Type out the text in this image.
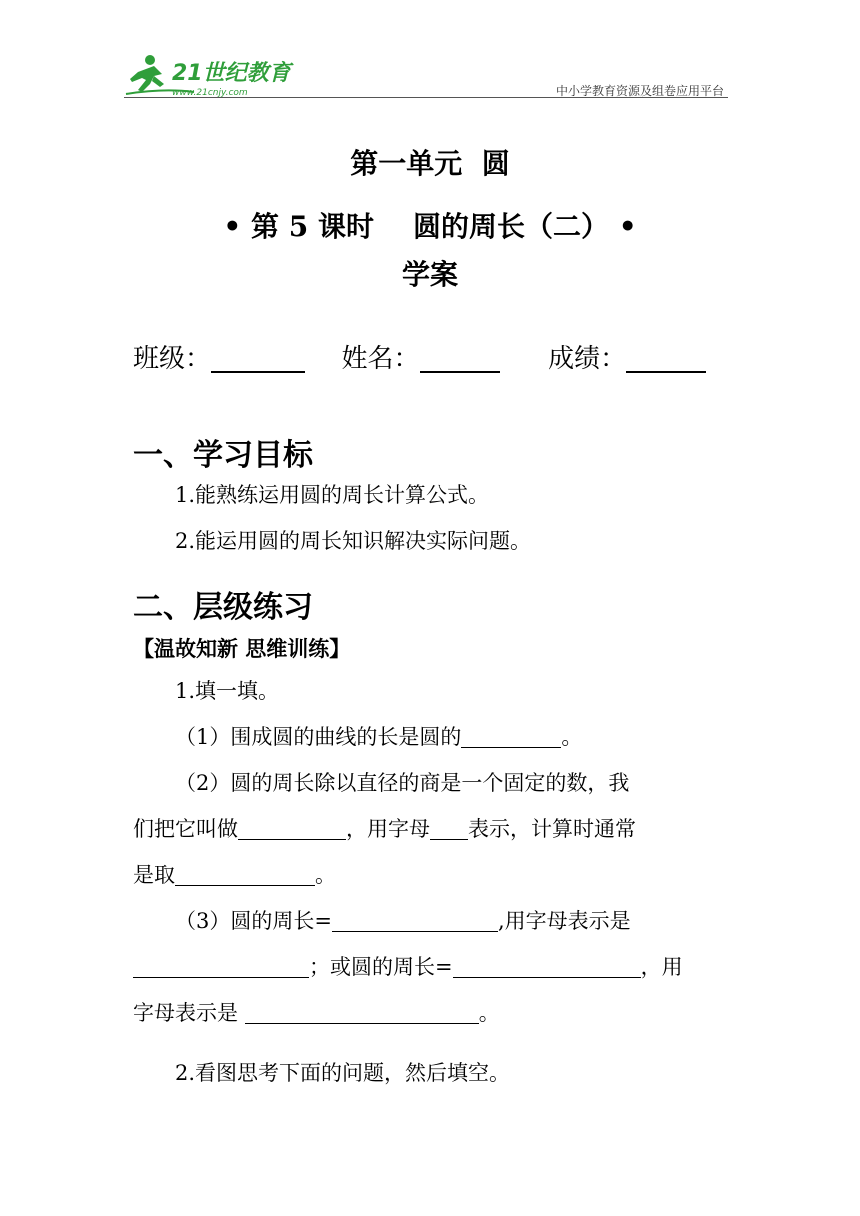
21世纪教育
www.21cnjy.com	中小学教育资源及组卷应用平台
第一单元  圆
• 第 5 课时    圆的周长（二） •
学案
班级：	姓名：	成绩：
一、学习目标
1.能熟练运用圆的周长计算公式。
2.能运用圆的周长知识解决实际问题。
二、层级练习
【温故知新 思维训练】
1.填一填。
（1）围成圆的曲线的长是圆的	。
（2）圆的周长除以直径的商是一个固定的数，我
们把它叫做	，用字母 表示，计算时通常
是取	。
（3）圆的周长=	,用字母表示是
；或圆的周长=	，用
字母表示是	。
2.看图思考下面的问题，然后填空。
